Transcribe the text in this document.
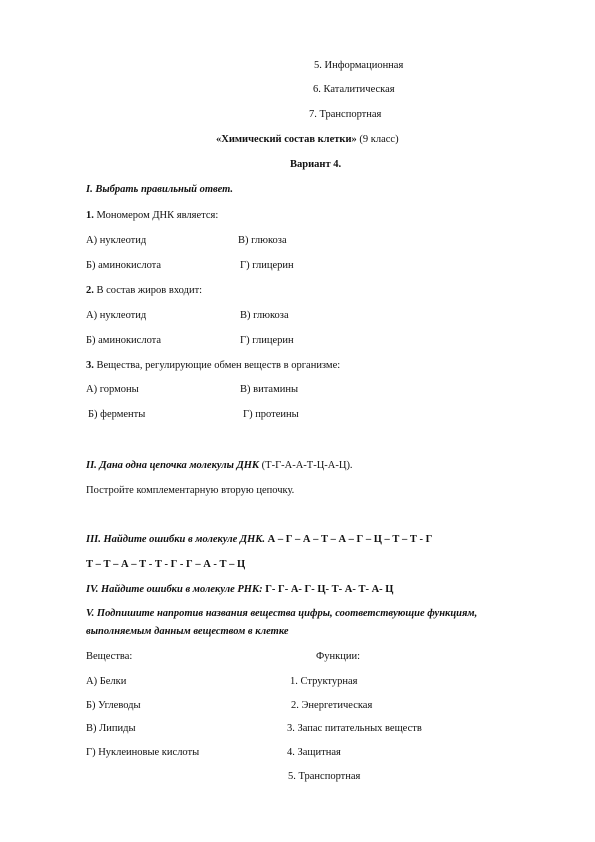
5. Информационная
6. Каталитическая
7. Транспортная
«Химический состав клетки» (9 класс)
Вариант 4.
I. Выбрать правильный ответ.
1. Мономером ДНК является:
А) нуклеотид	В) глюкоза
Б) аминокислота	Г) глицерин
2. В состав жиров входит:
А) нуклеотид	В) глюкоза
Б) аминокислота	Г) глицерин
3. Вещества, регулирующие обмен веществ в организме:
А) гормоны	В) витамины
Б) ферменты	Г) протеины
II. Дана одна цепочка молекулы ДНК (Т-Г-А-А-Т-Ц-А-Ц).
Постройте комплементарную вторую цепочку.
III. Найдите ошибки в молекуле ДНК. А – Г – А – Т – А – Г – Ц – Т – Т - Г
Т – Т – А – Т - Т - Г - Г – А - Т – Ц
IV. Найдите ошибки в молекуле РНК: Г- Г- А- Г- Ц- Т- А- Т- А- Ц
V. Подпишите напротив названия вещества цифры, соответствующие функциям,
выполняемым данным веществом в клетке
Вещества:	Функции:
А) Белки	1. Структурная
Б) Углеводы	2. Энергетическая
В) Липиды	3. Запас питательных веществ
Г) Нуклеиновые кислоты	4. Защитная
5. Транспортная
